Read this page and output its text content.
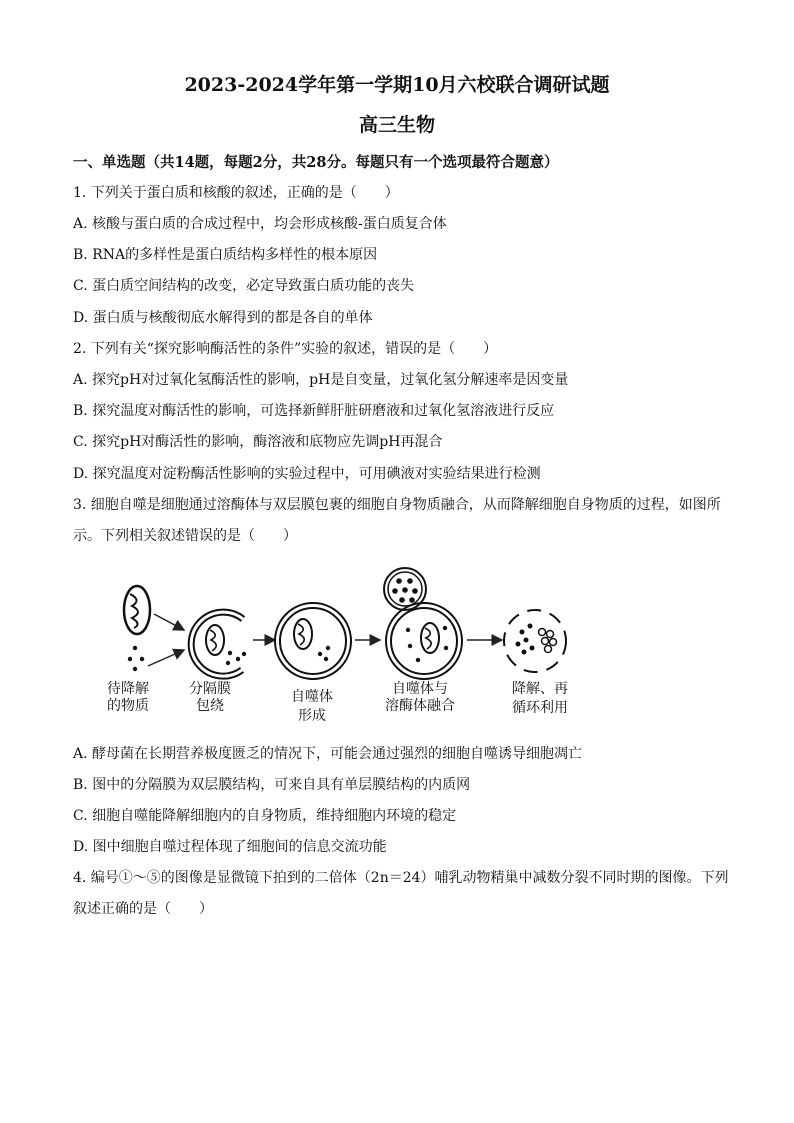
2023-2024学年第一学期10月六校联合调研试题
高三生物
一、单选题（共14题，每题2分，共28分。每题只有一个选项最符合题意）
1. 下列关于蛋白质和核酸的叙述，正确的是（　　）
A. 核酸与蛋白质的合成过程中，均会形成核酸-蛋白质复合体
B. RNA的多样性是蛋白质结构多样性的根本原因
C. 蛋白质空间结构的改变，必定导致蛋白质功能的丧失
D. 蛋白质与核酸彻底水解得到的都是各自的单体
2. 下列有关“探究影响酶活性的条件”实验的叙述，错误的是（　　）
A. 探究pH对过氧化氢酶活性的影响，pH是自变量，过氧化氢分解速率是因变量
B. 探究温度对酶活性的影响，可选择新鲜肝脏研磨液和过氧化氢溶液进行反应
C. 探究pH对酶活性的影响，酶溶液和底物应先调pH再混合
D. 探究温度对淀粉酶活性影响的实验过程中，可用碘液对实验结果进行检测
3. 细胞自噬是细胞通过溶酶体与双层膜包裹的细胞自身物质融合，从而降解细胞自身物质的过程，如图所
示。下列相关叙述错误的是（　　）
待降解
的物质
分隔膜
包绕
自噬体
形成
自噬体与
溶酶体融合
降解、再
循环利用
A. 酵母菌在长期营养极度匮乏的情况下，可能会通过强烈的细胞自噬诱导细胞凋亡
B. 图中的分隔膜为双层膜结构，可来自具有单层膜结构的内质网
C. 细胞自噬能降解细胞内的自身物质，维持细胞内环境的稳定
D. 图中细胞自噬过程体现了细胞间的信息交流功能
4. 编号①～⑤的图像是显微镜下拍到的二倍体（2n＝24）哺乳动物精巢中减数分裂不同时期的图像。下列
叙述正确的是（　　）
